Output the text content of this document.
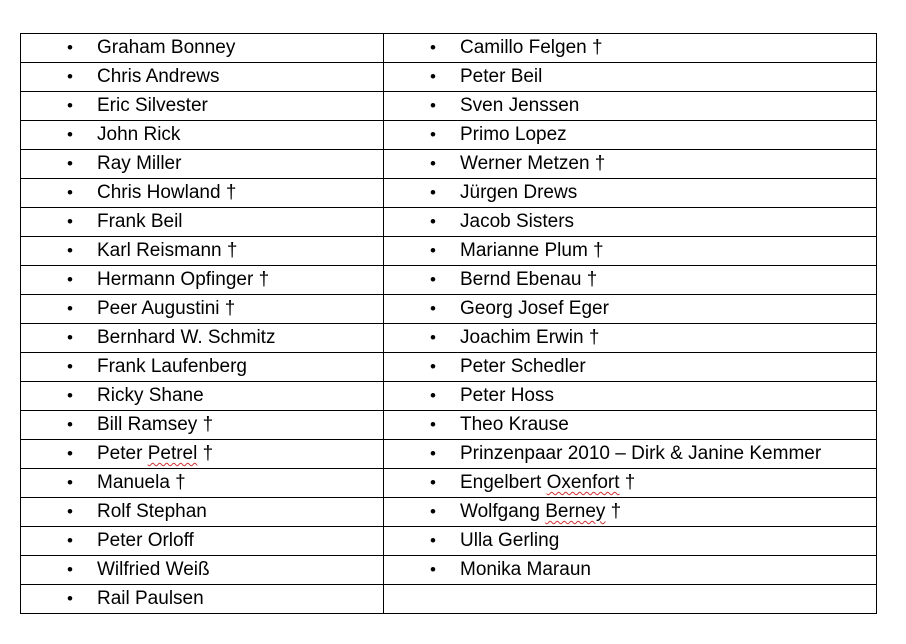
• Graham Bonney	• Camillo Felgen †

• Chris Andrews	• Peter Beil

• Eric Silvester	• Sven Jenssen

• John Rick	• Primo Lopez

• Ray Miller	• Werner Metzen †

• Chris Howland †	• Jürgen Drews

• Frank Beil	• Jacob Sisters

• Karl Reismann †	• Marianne Plum †

• Hermann Opfinger †	• Bernd Ebenau †

• Peer Augustini †	• Georg Josef Eger

• Bernhard W. Schmitz	• Joachim Erwin †

• Frank Laufenberg	• Peter Schedler

• Ricky Shane	• Peter Hoss

• Bill Ramsey †	• Theo Krause

• Peter Petrel †	• Prinzenpaar 2010 – Dirk & Janine Kemmer

• Manuela †	• Engelbert Oxenfort †

• Rolf Stephan	• Wolfgang Berney †

• Peter Orloff	• Ulla Gerling

• Wilfried Weiß	• Monika Maraun

• Rail Paulsen	
